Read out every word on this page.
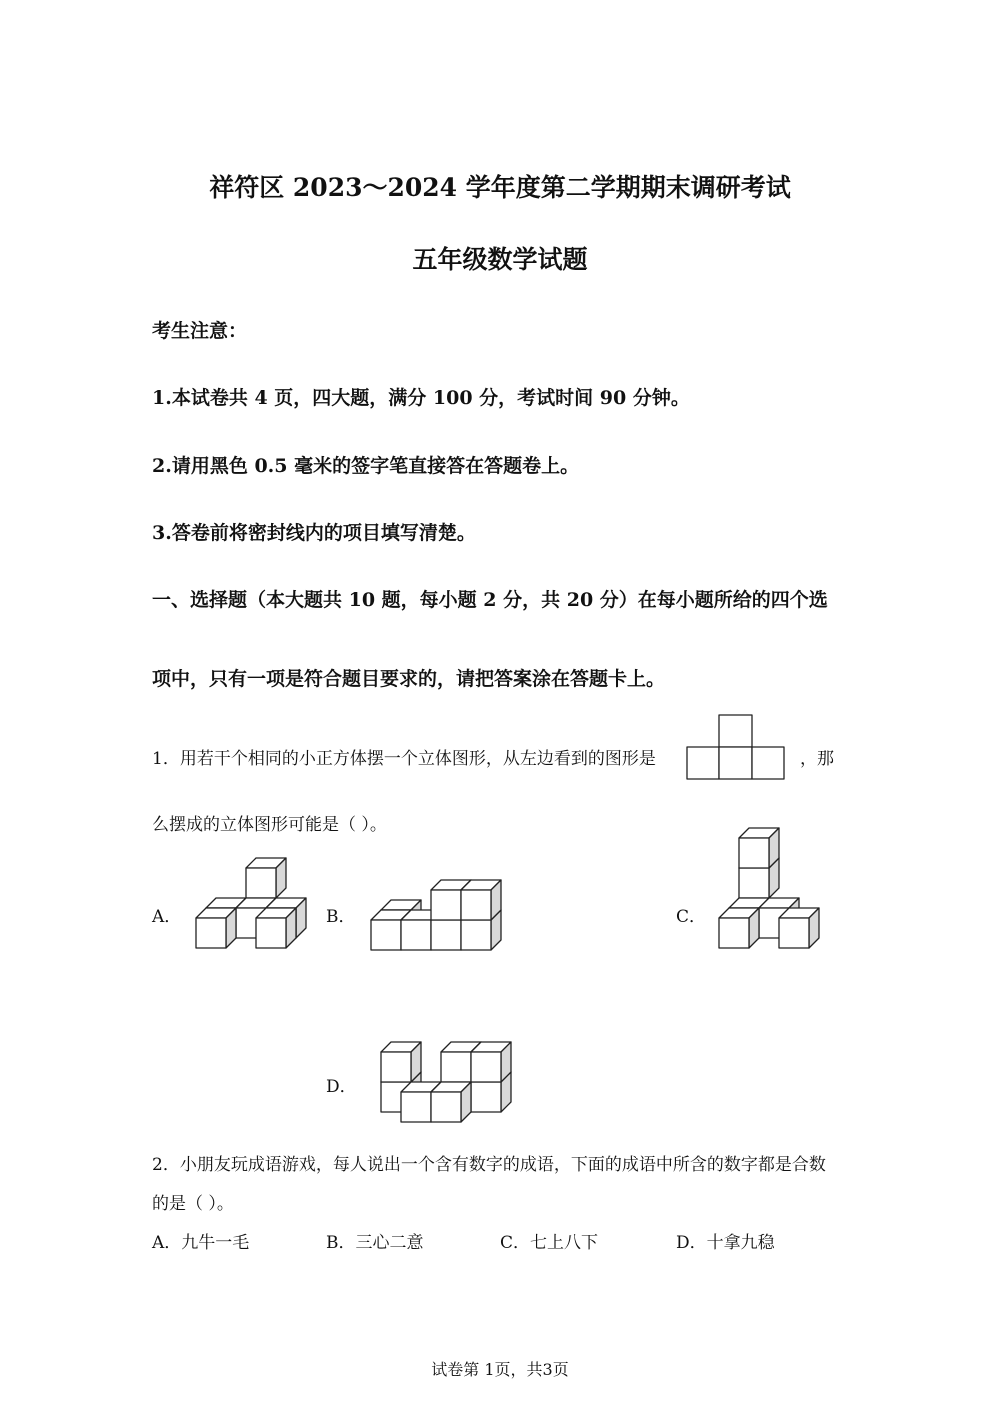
祥符区 2023～2024 学年度第二学期期末调研考试
五年级数学试题
考生注意：
1.本试卷共 4 页，四大题，满分 100 分，考试时间 90 分钟。
2.请用黑色 0.5 毫米的签字笔直接答在答题卷上。
3.答卷前将密封线内的项目填写清楚。
一、选择题（本大题共 10 题，每小题 2 分，共 20 分）在每小题所给的四个选
项中，只有一项是符合题目要求的，请把答案涂在答题卡上。
1．用若干个相同的小正方体摆一个立体图形，从左边看到的图形是	，那
么摆成的立体图形可能是（ ）。
A．	B．	C．
D．
2．小朋友玩成语游戏，每人说出一个含有数字的成语，下面的成语中所含的数字都是合数
的是（ ）。
A．九牛一毛	B．三心二意	C．七上八下	D．十拿九稳
试卷第 1页，共3页
